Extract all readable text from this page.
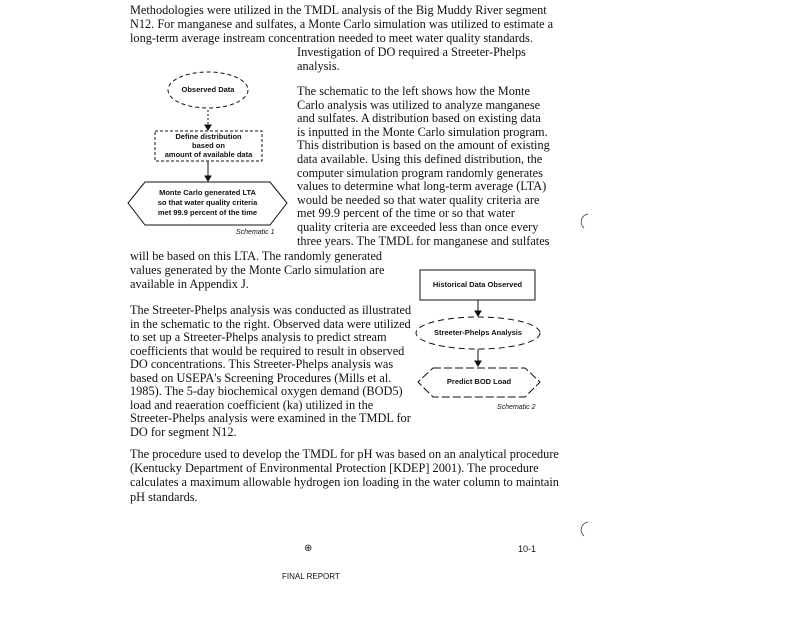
Methodologies were utilized in the TMDL analysis of the Big Muddy River segment
N12. For manganese and sulfates, a Monte Carlo simulation was utilized to estimate a
long-term average instream concentration needed to meet water quality standards.
Investigation of DO required a Streeter-Phelps
analysis.
Observed Data
Define distribution
based on
amount of available data
Monte Carlo generated LTA
so that water quality criteria
met 99.9 percent of the time
Schematic 1
Historical Data Observed
Streeter-Phelps Analysis
Predict BOD Load
Schematic 2
The schematic to the left shows how the Monte
Carlo analysis was utilized to analyze manganese
and sulfates. A distribution based on existing data
is inputted in the Monte Carlo simulation program.
This distribution is based on the amount of existing
data available. Using this defined distribution, the
computer simulation program randomly generates
values to determine what long-term average (LTA)
would be needed so that water quality criteria are
met 99.9 percent of the time or so that water
quality criteria are exceeded less than once every
three years. The TMDL for manganese and sulfates
will be based on this LTA. The randomly generated
values generated by the Monte Carlo simulation are
available in Appendix J.
The Streeter-Phelps analysis was conducted as illustrated
in the schematic to the right. Observed data were utilized
to set up a Streeter-Phelps analysis to predict stream
coefficients that would be required to result in observed
DO concentrations. This Streeter-Phelps analysis was
based on USEPA's Screening Procedures (Mills et al.
1985). The 5-day biochemical oxygen demand (BOD5)
load and reaeration coefficient (ka) utilized in the
Streeter-Phelps analysis were examined in the TMDL for
DO for segment N12.
The procedure used to develop the TMDL for pH was based on an analytical procedure
(Kentucky Department of Environmental Protection [KDEP] 2001). The procedure
calculates a maximum allowable hydrogen ion loading in the water column to maintain
pH standards.
⊕	10-1
FINAL REPORT
